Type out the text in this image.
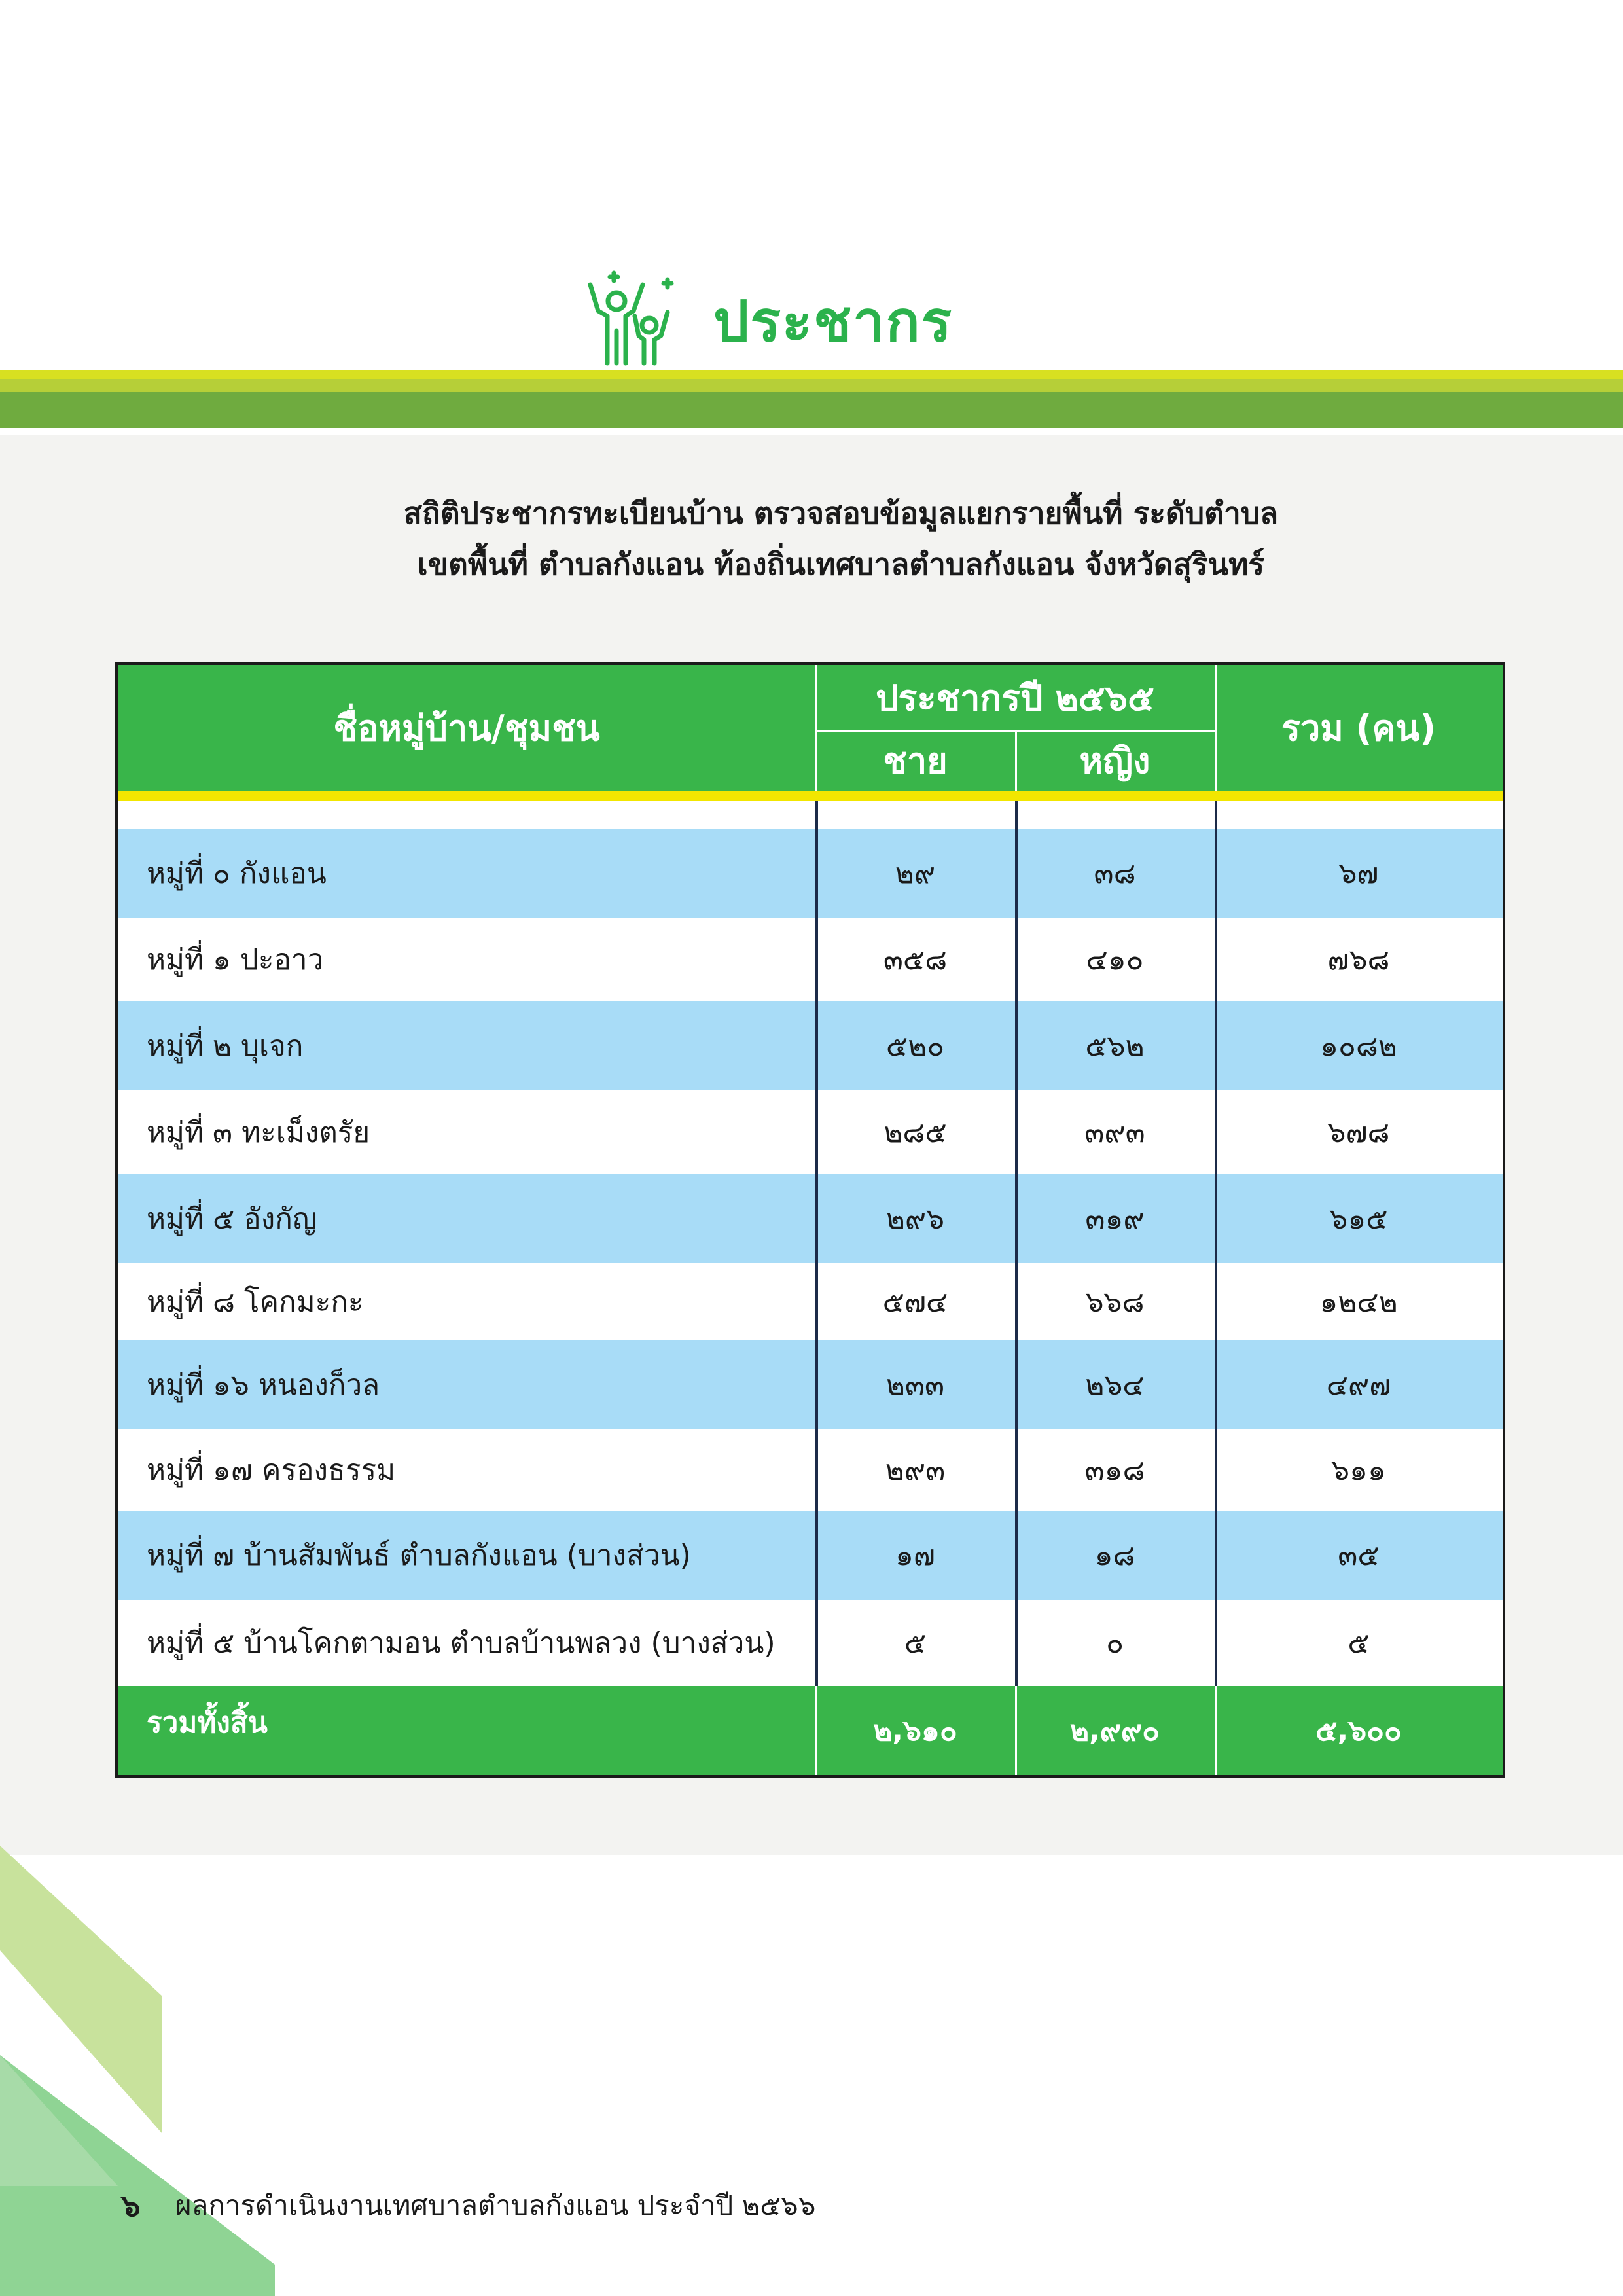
ประชากร
สถิติประชากรทะเบียนบ้าน ตรวจสอบข้อมูลแยกรายพื้นที่ ระดับตำบล
เขตพื้นที่ ตำบลกังแอน ท้องถิ่นเทศบาลตำบลกังแอน จังหวัดสุรินทร์
ชื่อหมู่บ้าน/ชุมชน
ประชากรปี ๒๕๖๕
ชาย	หญิง
รวม (คน)
หมู่ที่ ๐ กังแอน	๒๙	๓๘	๖๗
หมู่ที่ ๑ ปะอาว	๓๕๘	๔๑๐	๗๖๘
หมู่ที่ ๒ บุเจก	๕๒๐	๕๖๒	๑๐๘๒
หมู่ที่ ๓ ทะเม็งตรัย	๒๘๕	๓๙๓	๖๗๘
หมู่ที่ ๕ อังกัญ	๒๙๖	๓๑๙	๖๑๕
หมู่ที่ ๘ โคกมะกะ	๕๗๔	๖๖๘	๑๒๔๒
หมู่ที่ ๑๖ หนองก็วล	๒๓๓	๒๖๔	๔๙๗
หมู่ที่ ๑๗ ครองธรรม	๒๙๓	๓๑๘	๖๑๑
หมู่ที่ ๗ บ้านสัมพันธ์ ตำบลกังแอน (บางส่วน)	๑๗	๑๘	๓๕
หมู่ที่ ๕ บ้านโคกตามอน ตำบลบ้านพลวง (บางส่วน)	๕	๐	๕
รวมทั้งสิ้น	๒,๖๑๐	๒,๙๙๐	๕,๖๐๐
๖	ผลการดำเนินงานเทศบาลตำบลกังแอน ประจำปี ๒๕๖๖
